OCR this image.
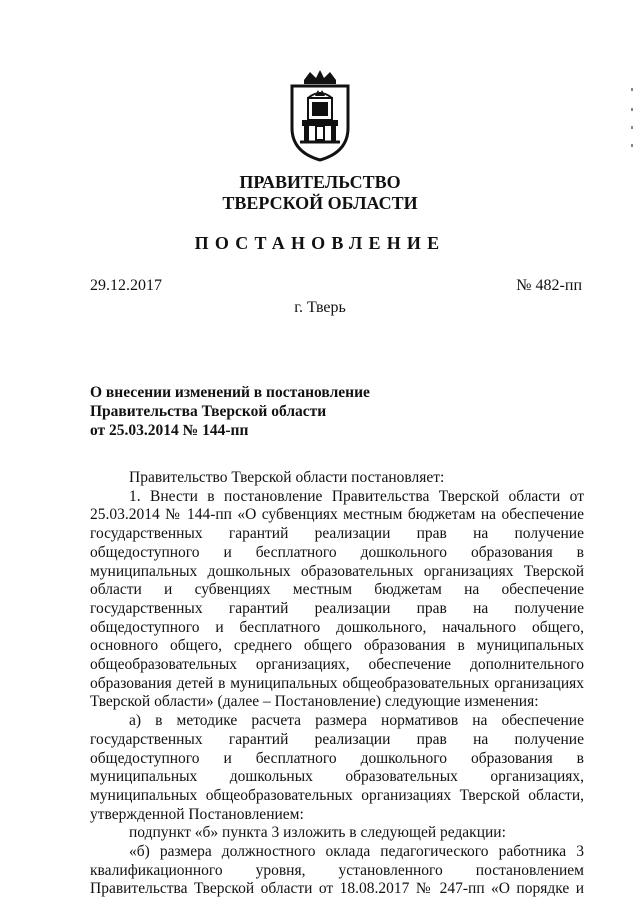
ПРАВИТЕЛЬСТВО
ТВЕРСКОЙ ОБЛАСТИ
ПОСТАНОВЛЕНИЕ
29.12.2017	№ 482-пп
г. Тверь
О внесении изменений в постановление
Правительства Тверской области
от 25.03.2014 № 144-пп

Правительство Тверской области постановляет:

1. Внести в постановление Правительства Тверской области от 25.03.2014 № 144-пп «О субвенциях местным бюджетам на обеспечение государственных гарантий реализации прав на получение общедоступного и бесплатного дошкольного образования в муниципальных дошкольных образовательных организациях Тверской области и субвенциях местным бюджетам на обеспечение государственных гарантий реализации прав на получение общедоступного и бесплатного дошкольного, начального общего, основного общего, среднего общего образования в муниципальных общеобразовательных организациях, обеспечение дополнительного образования детей в муниципальных общеобразовательных организациях Тверской области» (далее – Постановление) следующие изменения:

а) в методике расчета размера нормативов на обеспечение государственных гарантий реализации прав на получение общедоступного и бесплатного дошкольного образования в муниципальных дошкольных образовательных организациях, муниципальных общеобразовательных организациях Тверской области, утвержденной Постановлением:

подпункт «б» пункта 3 изложить в следующей редакции:

«б) размера должностного оклада педагогического работника 3 квалификационного уровня, установленного постановлением Правительства Тверской области от 18.08.2017 № 247-пп «О порядке и
